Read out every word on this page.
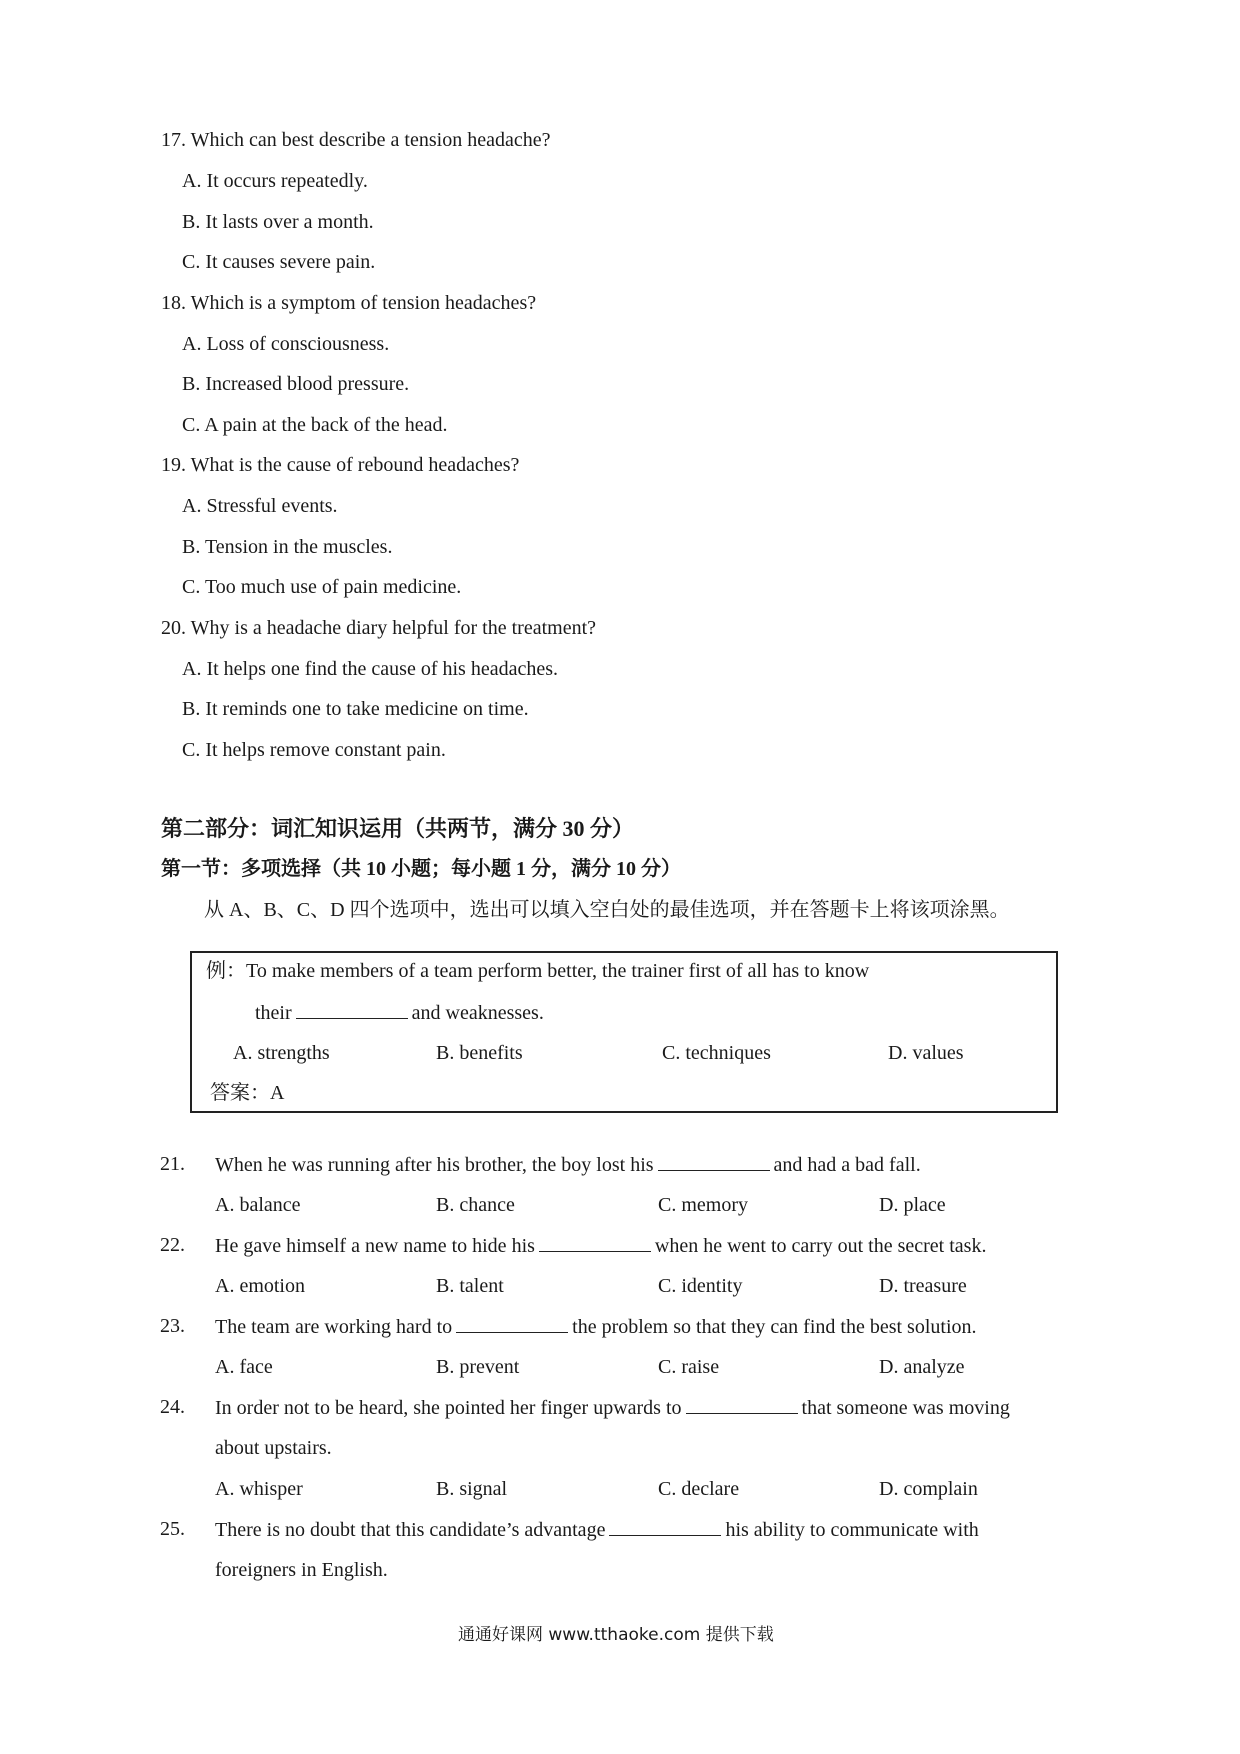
17. Which can best describe a tension headache?
A. It occurs repeatedly.
B. It lasts over a month.
C. It causes severe pain.
18. Which is a symptom of tension headaches?
A. Loss of consciousness.
B. Increased blood pressure.
C. A pain at the back of the head.
19. What is the cause of rebound headaches?
A. Stressful events.
B. Tension in the muscles.
C. Too much use of pain medicine.
20. Why is a headache diary helpful for the treatment?
A. It helps one find the cause of his headaches.
B. It reminds one to take medicine on time.
C. It helps remove constant pain.
第二部分：词汇知识运用（共两节，满分 30 分）
第一节：多项选择（共 10 小题；每小题 1 分，满分 10 分）
从 A、B、C、D 四个选项中，选出可以填入空白处的最佳选项，并在答题卡上将该项涂黑。
例：To make members of a team perform better, the trainer first of all has to know
their	and weaknesses.
A. strengths	B. benefits	C. techniques	D. values
答案：A
21. When he was running after his brother, the boy lost his	and had a bad fall.
A. balance	B. chance	C. memory	D. place
22. He gave himself a new name to hide his	when he went to carry out the secret task.
A. emotion	B. talent	C. identity	D. treasure
23. The team are working hard to	the problem so that they can find the best solution.
A. face	B. prevent	C. raise	D. analyze
24. In order not to be heard, she pointed her finger upwards to	that someone was moving
about upstairs.
A. whisper	B. signal	C. declare	D. complain
25. There is no doubt that this candidate’s advantage	his ability to communicate with
foreigners in English.
通通好课网 www.tthaoke.com 提供下载
